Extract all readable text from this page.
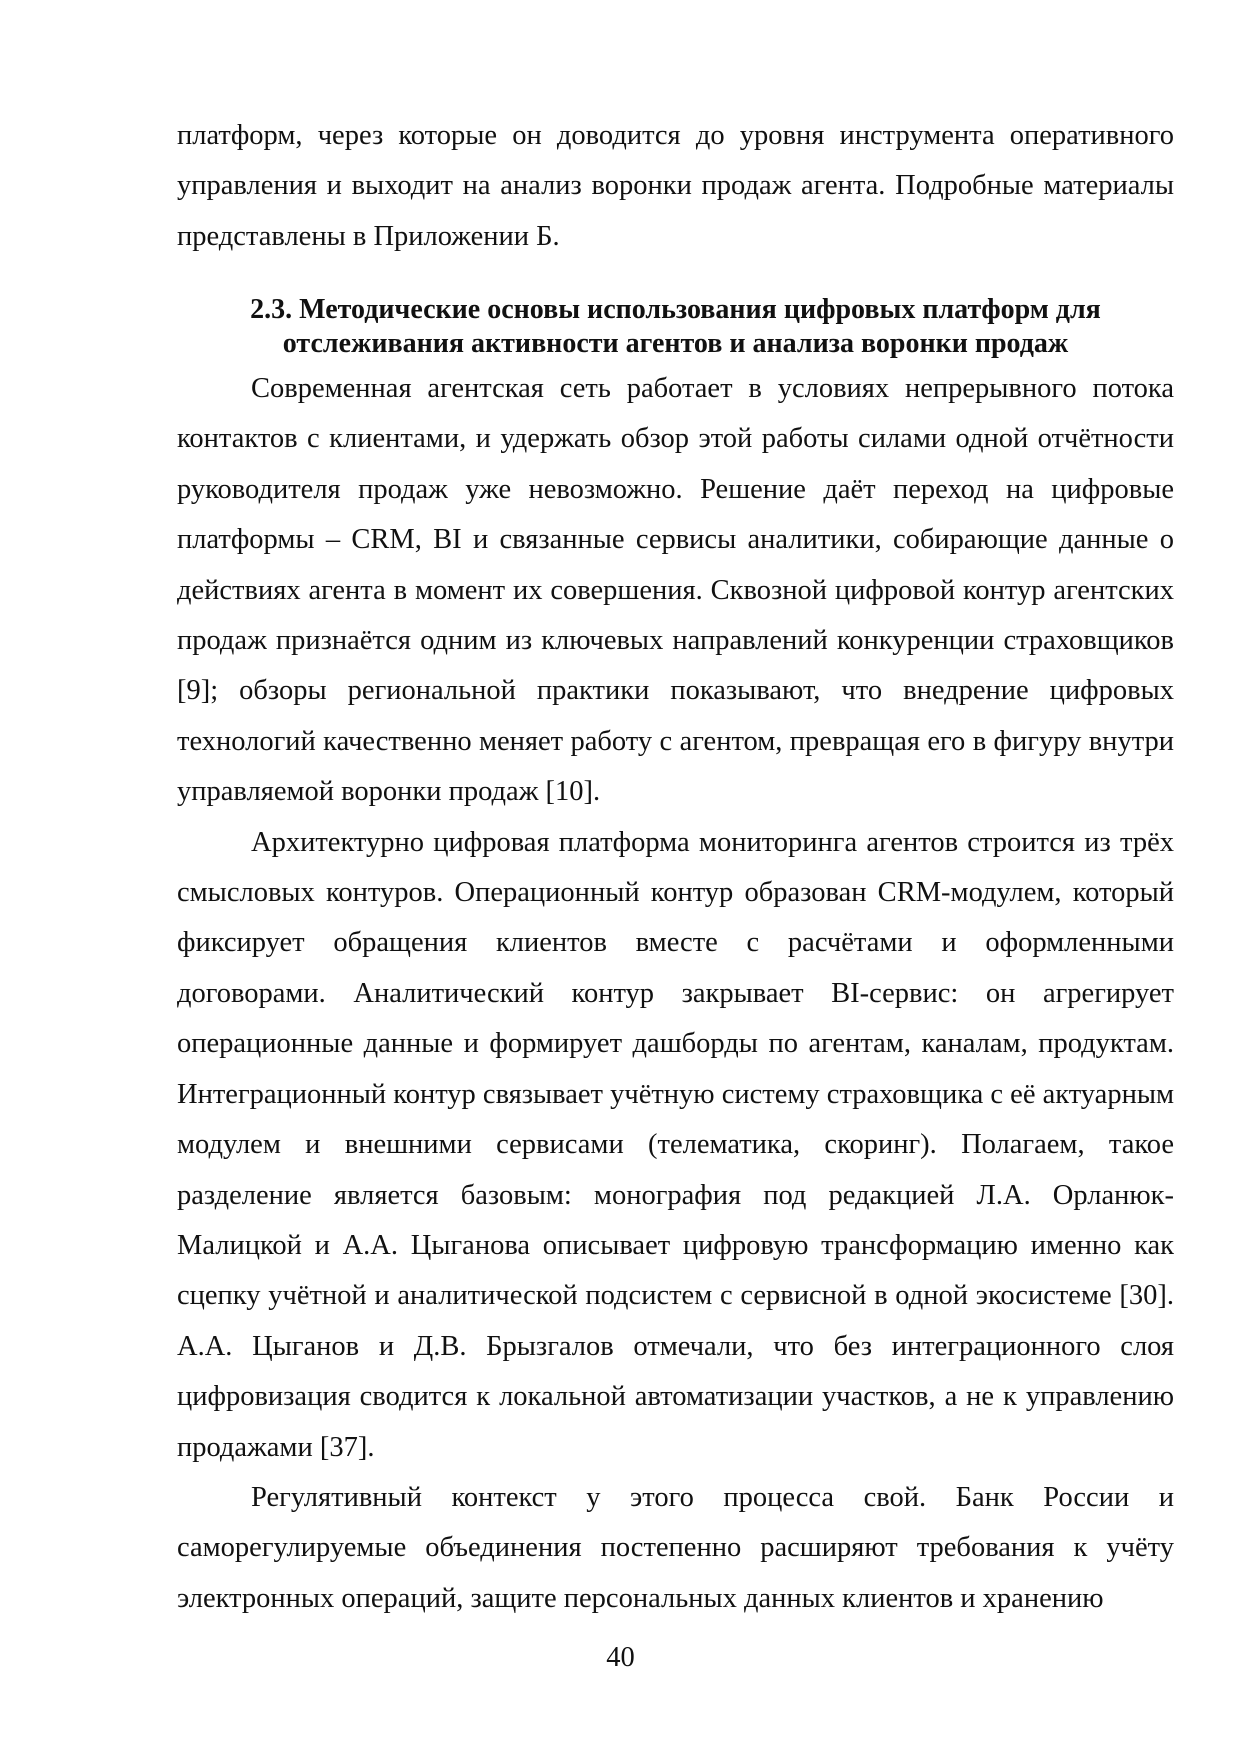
платформ, через которые он доводится до уровня инструмента оперативного управления и выходит на анализ воронки продаж агента. Подробные материалы представлены в Приложении Б.

2.3. Методические основы использования цифровых платформ для
отслеживания активности агентов и анализа воронки продаж

Современная агентская сеть работает в условиях непрерывного потока контактов с клиентами, и удержать обзор этой работы силами одной отчётности руководителя продаж уже невозможно. Решение даёт переход на цифровые платформы – CRM, BI и связанные сервисы аналитики, собирающие данные о действиях агента в момент их совершения. Сквозной цифровой контур агентских продаж признаётся одним из ключевых направлений конкуренции страховщиков [9]; обзоры региональной практики показывают, что внедрение цифровых технологий качественно меняет работу с агентом, превращая его в фигуру внутри управляемой воронки продаж [10].

Архитектурно цифровая платформа мониторинга агентов строится из трёх смысловых контуров. Операционный контур образован CRM-модулем, который фиксирует обращения клиентов вместе с расчётами и оформленными договорами. Аналитический контур закрывает BI-сервис: он агрегирует операционные данные и формирует дашборды по агентам, каналам, продуктам. Интеграционный контур связывает учётную систему страховщика с её актуарным модулем и внешними сервисами (телематика, скоринг). Полагаем, такое разделение является базовым: монография под редакцией Л.А. Орланюк-Малицкой и А.А. Цыганова описывает цифровую трансформацию именно как сцепку учётной и аналитической подсистем с сервисной в одной экосистеме [30]. А.А. Цыганов и Д.В. Брызгалов отмечали, что без интеграционного слоя цифровизация сводится к локальной автоматизации участков, а не к управлению продажами [37].

Регулятивный контекст у этого процесса свой. Банк России и саморегулируемые объединения постепенно расширяют требования к учёту электронных операций, защите персональных данных клиентов и хранению

40
